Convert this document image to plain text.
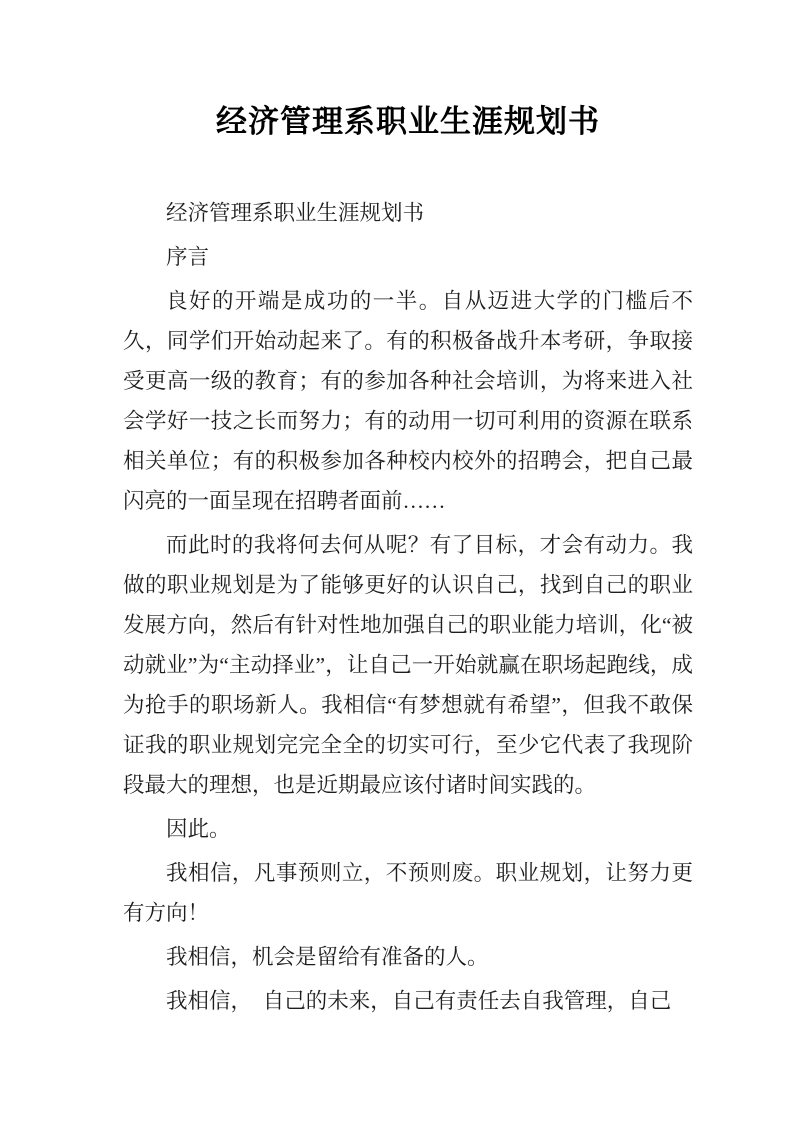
经济管理系职业生涯规划书

经济管理系职业生涯规划书

序言

良好的开端是成功的一半。自从迈进大学的门槛后不久，同学们开始动起来了。有的积极备战升本考研，争取接受更高一级的教育；有的参加各种社会培训，为将来进入社会学好一技之长而努力；有的动用一切可利用的资源在联系相关单位；有的积极参加各种校内校外的招聘会，把自己最闪亮的一面呈现在招聘者面前……

而此时的我将何去何从呢？有了目标，才会有动力。我做的职业规划是为了能够更好的认识自己，找到自己的职业发展方向，然后有针对性地加强自己的职业能力培训，化“被动就业”为“主动择业”，让自己一开始就赢在职场起跑线，成为抢手的职场新人。我相信“有梦想就有希望”，但我不敢保证我的职业规划完完全全的切实可行，至少它代表了我现阶段最大的理想，也是近期最应该付诸时间实践的。

因此。

我相信，凡事预则立，不预则废。职业规划，让努力更有方向！

我相信，机会是留给有准备的人。

我相信，　自己的未来，自己有责任去自我管理，自己
